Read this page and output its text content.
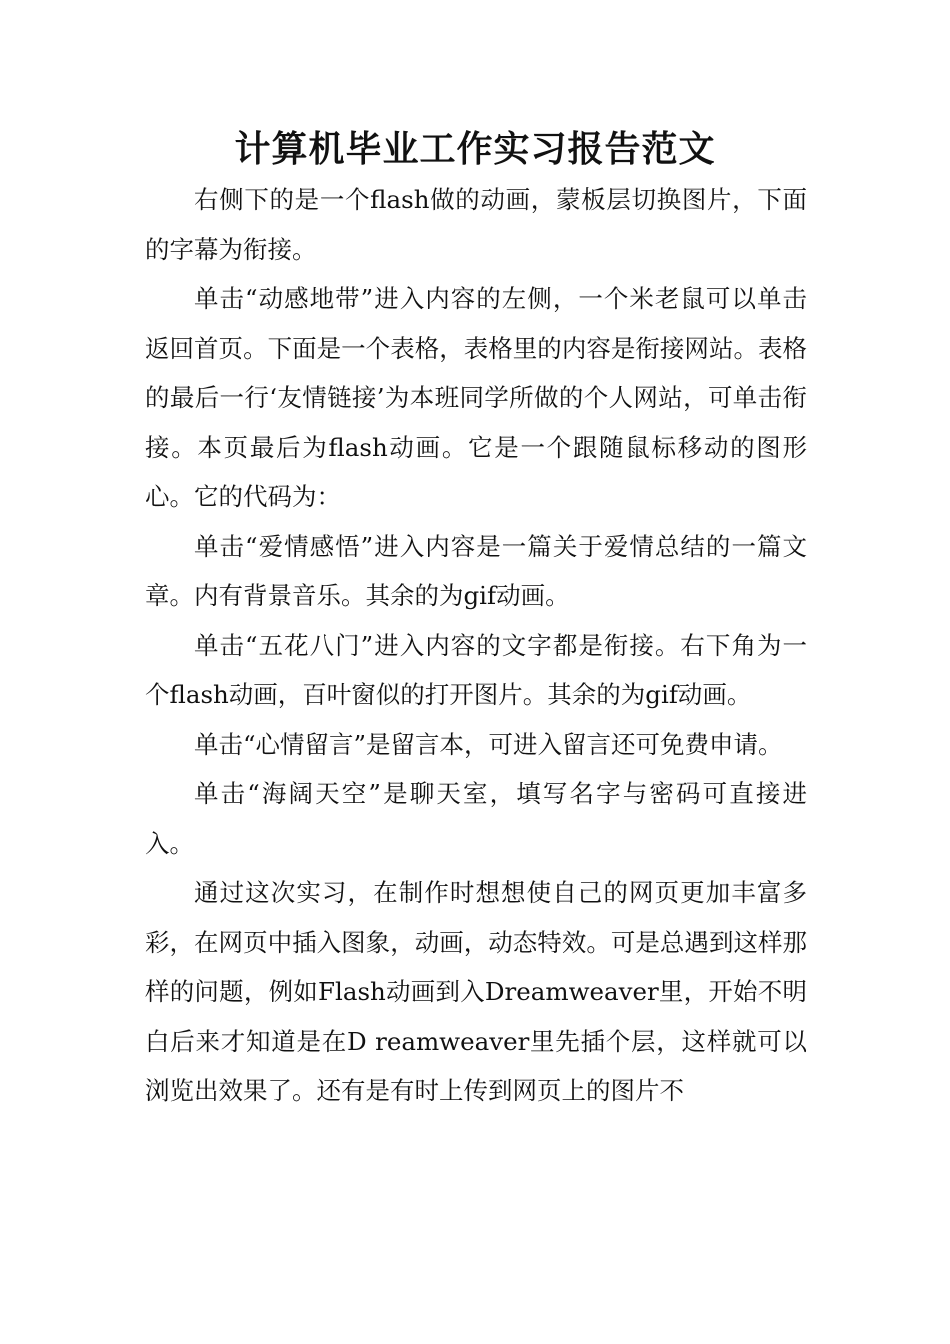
计算机毕业工作实习报告范文

右侧下的是一个flash做的动画，蒙板层切换图片，下面的字幕为衔接。

单击“动感地带”进入内容的左侧，一个米老鼠可以单击返回首页。下面是一个表格，表格里的内容是衔接网站。表格的最后一行‘友情链接’为本班同学所做的个人网站，可单击衔接。本页最后为flash动画。它是一个跟随鼠标移动的图形心。它的代码为：

单击“爱情感悟”进入内容是一篇关于爱情总结的一篇文章。内有背景音乐。其余的为gif动画。

单击“五花八门”进入内容的文字都是衔接。右下角为一个flash动画，百叶窗似的打开图片。其余的为gif动画。

单击“心情留言”是留言本，可进入留言还可免费申请。

单击“海阔天空”是聊天室，填写名字与密码可直接进入。

通过这次实习，在制作时想想使自己的网页更加丰富多彩，在网页中插入图象，动画，动态特效。可是总遇到这样那样的问题，例如Flash动画到入Dreamweaver里，开始不明白后来才知道是在D reamweaver里先插个层，这样就可以浏览出效果了。还有是有时上传到网页上的图片不
